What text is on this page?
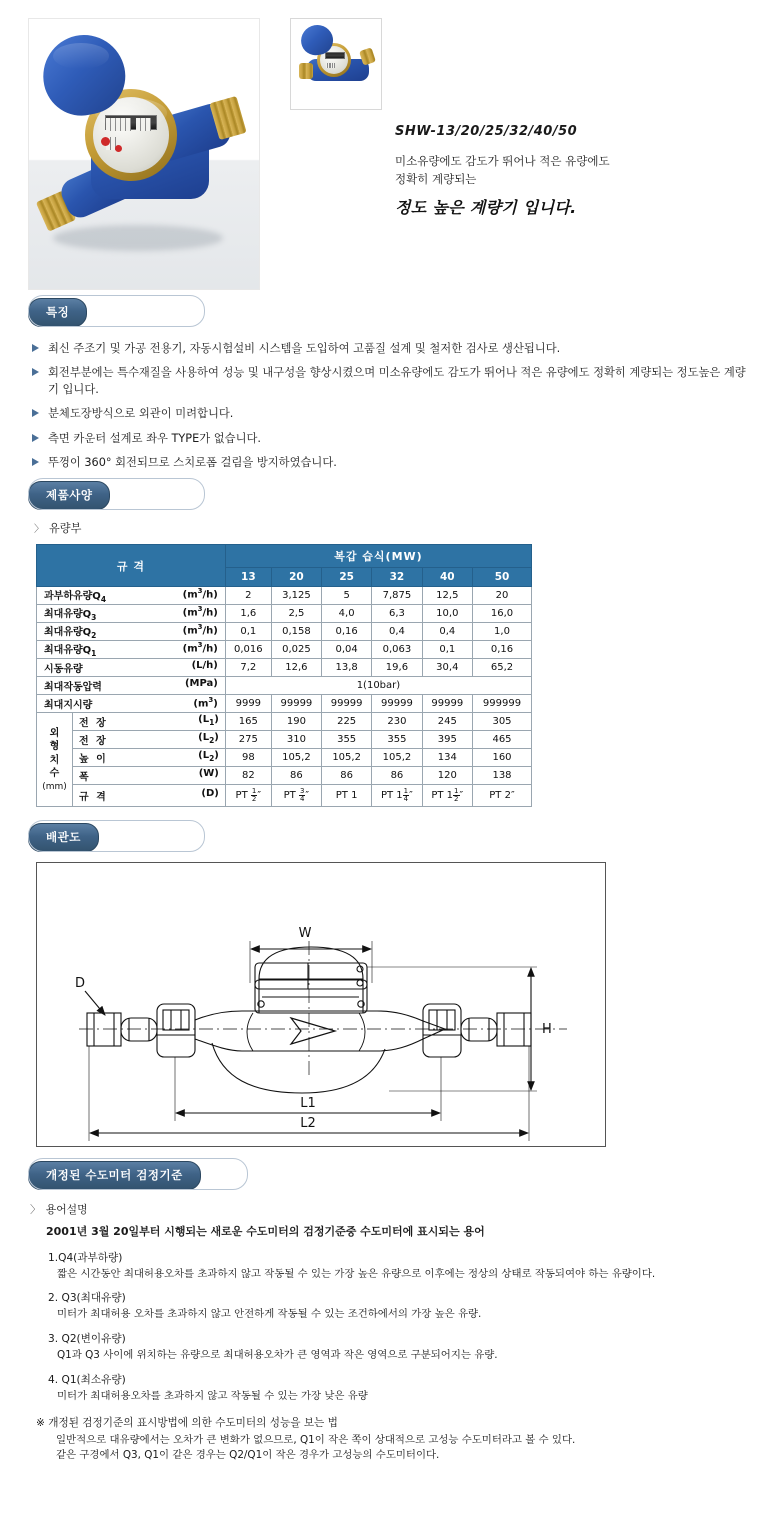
SHW-13/20/25/32/40/50
미소유량에도 감도가 뛰어나 적은 유량에도
정확히 계량되는
정도 높은 계량기 입니다.
특징
최신 주조기 및 가공 전용기, 자동시험설비 시스템을 도입하여 고품질 설계 및 철저한 검사로 생산됩니다.
회전부분에는 특수재질을 사용하여 성능 및 내구성을 향상시켰으며 미소유량에도 감도가 뛰어나 적은 유량에도 정확히 계량되는 정도높은 계량기 입니다.
분체도장방식으로 외관이 미려합니다.
측면 카운터 설계로 좌우 TYPE가 없습니다.
뚜껑이 360° 회전되므로 스치로폼 걸림을 방지하였습니다.
제품사양
〉 유량부
규 격		복갑 습식(MW)					
		13	20	25	32	40	50

과부하유량$Q_4$ $(m^3/h)$		2	3,125	5	7,875	12,5	20

최대유량$Q_3$ $(m^3/h)$		1,6	2,5	4,0	6,3	10,0	16,0

최대유량$Q_2$ $(m^3/h)$		0,1	0,158	0,16	0,4	0,4	1,0

최대유량$Q_1$ $(m^3/h)$		0,016	0,025	0,04	0,063	0,1	0,16

시동유량 (L/h)		7,2	12,6	13,8	19,6	30,4	65,2

최대작동압력 (MPa)		1(10bar)					

최대지시량 $(m^3)$		9999	99999	99999	99999	99999	999999

외 형 치 수
(mm)	전 장 $(L_1)$	165	190	225	230	245	305

	전 장 $(L_2)$	275	310	355	355	395	465

	높 이 $(L_2)$	98	105,2	105,2	105,2	134	160

	폭 (W)	82	86	86	86	120	138

	규 격 (D)	PT $\frac{1}{2}$ ″	PT $\frac{3}{4}$ ″	PT 1	PT $1 \frac{1}{4}$ ″	PT $1 \frac{1}{2}$ ″	PT 2″
배관도
W
H
D
L1
L2
개정된 수도미터 검정기준
〉 용어설명
2001년 3월 20일부터 시행되는 새로운 수도미터의 검정기준중 수도미터에 표시되는 용어
1.Q4(과부하량)
짧은 시간동안 최대허용오차를 초과하지 않고 작동될 수 있는 가장 높은 유량으로 이후에는 정상의 상태로 작동되여야 하는 유량이다.
2. Q3(최대유량)
미터가 최대허용 오차를 초과하지 않고 안전하게 작동될 수 있는 조건하에서의 가장 높은 유량.
3. Q2(변이유량)
Q1과 Q3 사이에 위치하는 유량으로 최대허용오차가 큰 영역과 작은 영역으로 구분되어지는 유량.
4. Q1(최소유량)
미터가 최대허용오차를 초과하지 않고 작동될 수 있는 가장 낮은 유량
※ 개정된 검정기준의 표시방법에 의한 수도미터의 성능을 보는 법
일반적으로 대유량에서는 오차가 큰 변화가 없으므로, Q1이 작은 쪽이 상대적으로 고성능 수도미터라고 볼 수 있다.
같은 구경에서 Q3, Q1이 같은 경우는 Q2/Q1이 작은 경우가 고성능의 수도미터이다.
